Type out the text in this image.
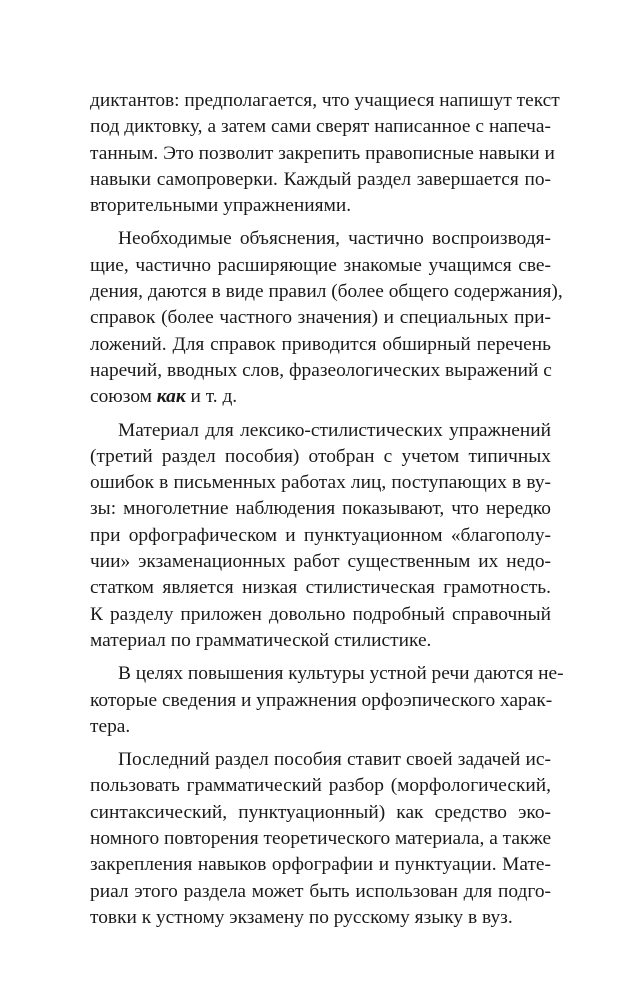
диктантов: предполагается, что учащиеся напишут текст
под диктовку, а затем сами сверят написанное с напеча-
танным. Это позволит закрепить правописные навыки и
навыки самопроверки. Каждый раздел завершается по-
вторительными упражнениями.
Необходимые объяснения, частично воспроизводя-
щие, частично расширяющие знакомые учащимся све-
дения, даются в виде правил (более общего содержания),
справок (более частного значения) и специальных при-
ложений. Для справок приводится обширный перечень
наречий, вводных слов, фразеологических выражений с
союзом как и т. д.
Материал для лексико-стилистических упражнений
(третий раздел пособия) отобран с учетом типичных
ошибок в письменных работах лиц, поступающих в ву-
зы: многолетние наблюдения показывают, что нередко
при орфографическом и пунктуационном «благополу-
чии» экзаменационных работ существенным их недо-
статком является низкая стилистическая грамотность.
К разделу приложен довольно подробный справочный
материал по грамматической стилистике.
В целях повышения культуры устной речи даются не-
которые сведения и упражнения орфоэпического харак-
тера.
Последний раздел пособия ставит своей задачей ис-
пользовать грамматический разбор (морфологический,
синтаксический, пунктуационный) как средство эко-
номного повторения теоретического материала, а также
закрепления навыков орфографии и пунктуации. Мате-
риал этого раздела может быть использован для подго-
товки к устному экзамену по русскому языку в вуз.
